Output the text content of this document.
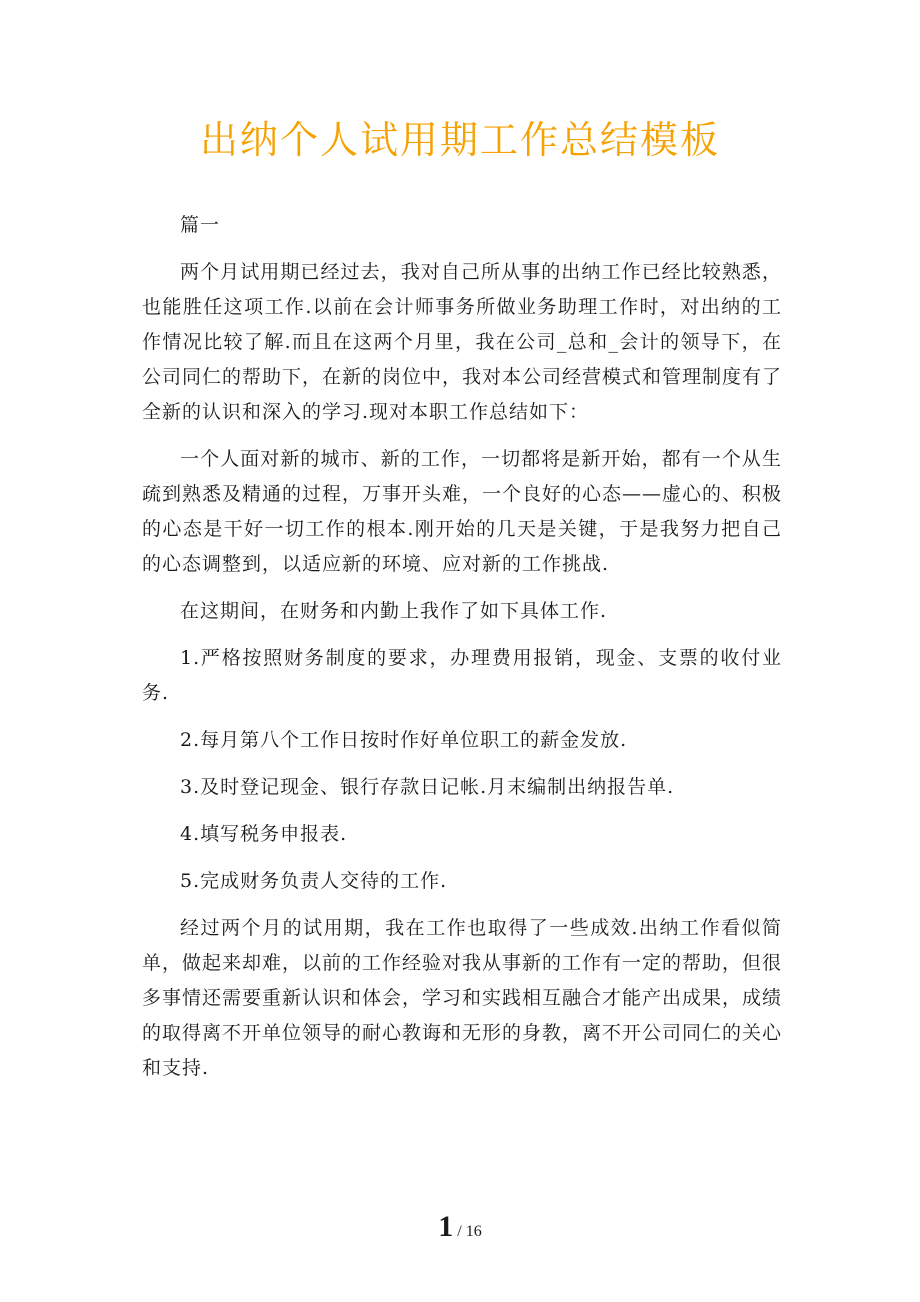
出纳个人试用期工作总结模板

篇一

两个月试用期已经过去，我对自己所从事的出纳工作已经比较熟悉，也能胜任这项工作.以前在会计师事务所做业务助理工作时，对出纳的工作情况比较了解.而且在这两个月里，我在公司_总和_会计的领导下，在公司同仁的帮助下，在新的岗位中，我对本公司经营模式和管理制度有了全新的认识和深入的学习.现对本职工作总结如下：

一个人面对新的城市、新的工作，一切都将是新开始，都有一个从生疏到熟悉及精通的过程，万事开头难，一个良好的心态——虚心的、积极的心态是干好一切工作的根本.刚开始的几天是关键，于是我努力把自己的心态调整到，以适应新的环境、应对新的工作挑战.

在这期间，在财务和内勤上我作了如下具体工作.

1.严格按照财务制度的要求，办理费用报销，现金、支票的收付业务.

2.每月第八个工作日按时作好单位职工的薪金发放.

3.及时登记现金、银行存款日记帐.月末编制出纳报告单.

4.填写税务申报表.

5.完成财务负责人交待的工作.

经过两个月的试用期，我在工作也取得了一些成效.出纳工作看似简单，做起来却难，以前的工作经验对我从事新的工作有一定的帮助，但很多事情还需要重新认识和体会，学习和实践相互融合才能产出成果，成绩的取得离不开单位领导的耐心教诲和无形的身教，离不开公司同仁的关心和支持.

1 / 16
